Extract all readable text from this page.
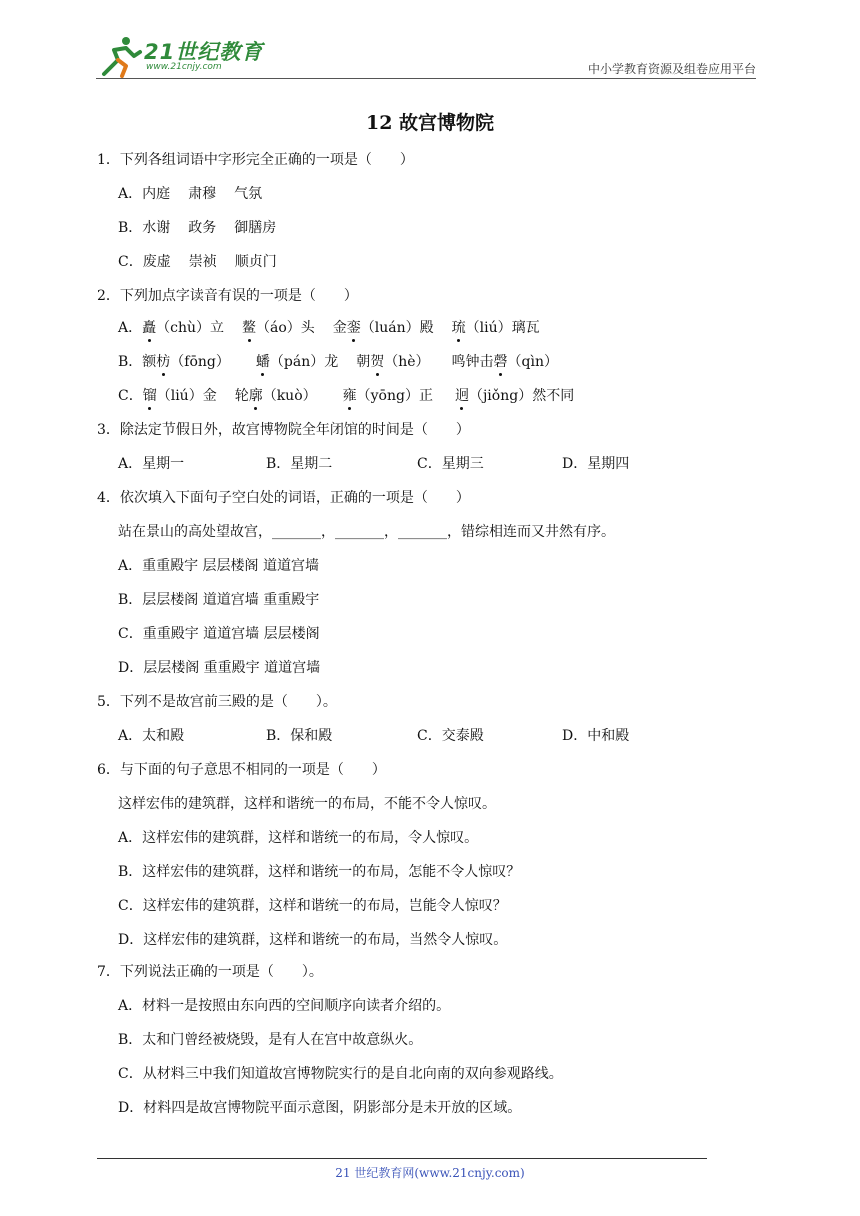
21世纪教育
www.21cnjy.com	中小学教育资源及组卷应用平台
12 故宫博物院
1．下列各组词语中字形完全正确的一项是（　　）
A．内庭 肃穆 气氛
B．水谢 政务 御膳房
C．废虚 崇祯 顺贞门
2．下列加点字读音有误的一项是（　　）
A．矗（chù）立 鳌（áo）头 金銮（luán）殿 琉（liú）璃瓦
B．额枋（fōng） 蟠（pán）龙 朝贺（hè） 鸣钟击磬（qìn）
C．镏（liú）金 轮廓（kuò） 雍（yōng）正 迥（jiǒng）然不同
3．除法定节假日外，故宫博物院全年闭馆的时间是（　　）
A．星期一	B．星期二	C．星期三	D．星期四
4．依次填入下面句子空白处的词语，正确的一项是（　　）
站在景山的高处望故宫，_______，_______，_______，错综相连而又井然有序。
A．重重殿宇 层层楼阁 道道宫墙
B．层层楼阁 道道宫墙 重重殿宇
C．重重殿宇 道道宫墙 层层楼阁
D．层层楼阁 重重殿宇 道道宫墙
5．下列不是故宫前三殿的是（　　）。
A．太和殿	B．保和殿	C．交泰殿	D．中和殿
6．与下面的句子意思不相同的一项是（　　）
这样宏伟的建筑群，这样和谐统一的布局，不能不令人惊叹。
A．这样宏伟的建筑群，这样和谐统一的布局，令人惊叹。
B．这样宏伟的建筑群，这样和谐统一的布局，怎能不令人惊叹？
C．这样宏伟的建筑群，这样和谐统一的布局，岂能令人惊叹？
D．这样宏伟的建筑群，这样和谐统一的布局，当然令人惊叹。
7．下列说法正确的一项是（　　）。
A．材料一是按照由东向西的空间顺序向读者介绍的。
B．太和门曾经被烧毁，是有人在宫中故意纵火。
C．从材料三中我们知道故宫博物院实行的是自北向南的双向参观路线。
D．材料四是故宫博物院平面示意图，阴影部分是未开放的区域。
21 世纪教育网(www.21cnjy.com)
